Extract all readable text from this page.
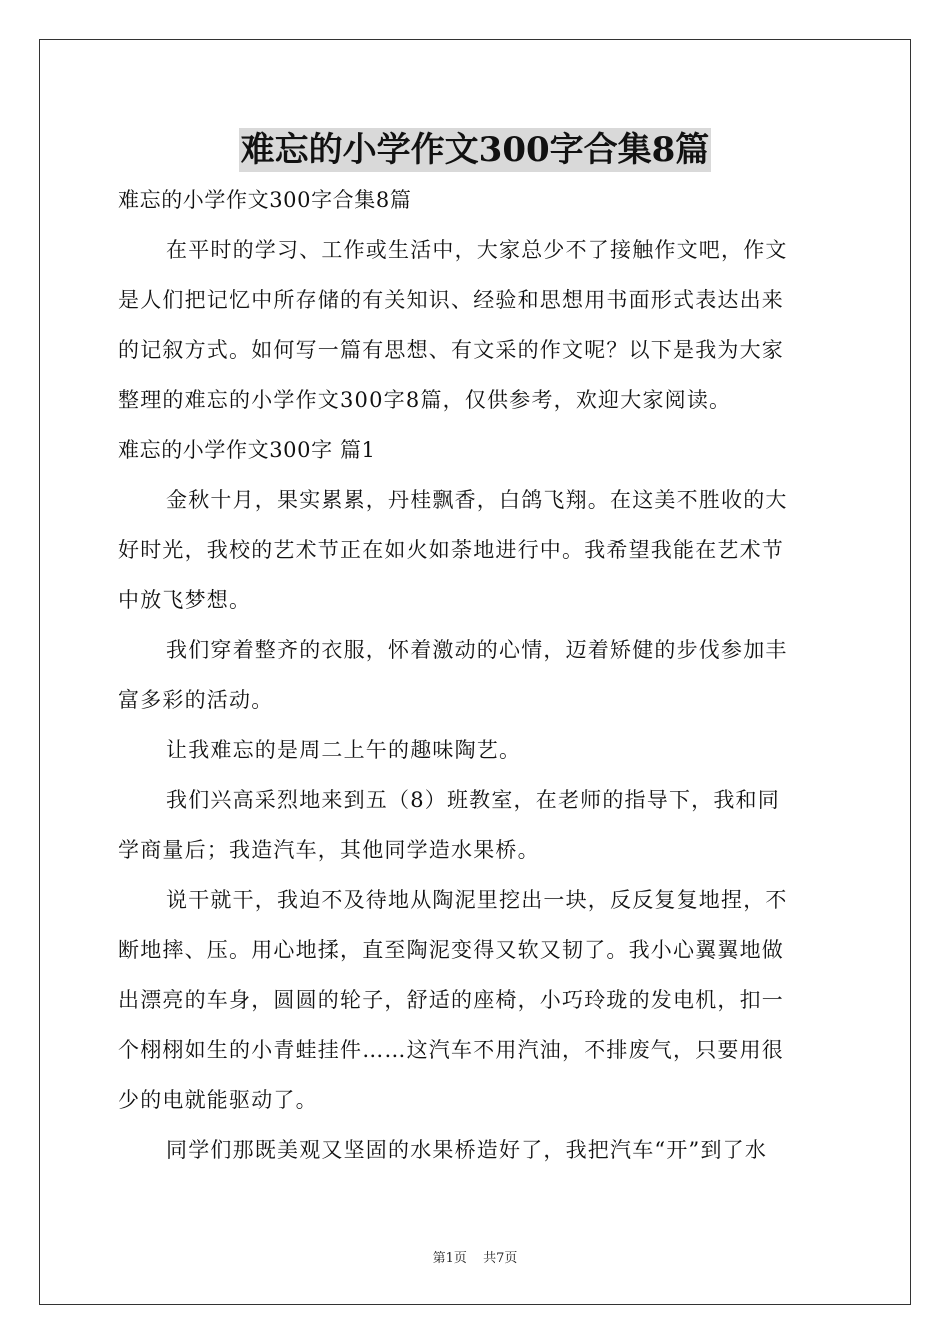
难忘的小学作文300字合集8篇
难忘的小学作文300字合集8篇
在平时的学习、工作或生活中，大家总少不了接触作文吧，作文
是人们把记忆中所存储的有关知识、经验和思想用书面形式表达出来
的记叙方式。如何写一篇有思想、有文采的作文呢？以下是我为大家
整理的难忘的小学作文300字8篇，仅供参考，欢迎大家阅读。
难忘的小学作文300字 篇1
金秋十月，果实累累，丹桂飘香，白鸽飞翔。在这美不胜收的大
好时光，我校的艺术节正在如火如荼地进行中。我希望我能在艺术节
中放飞梦想。
我们穿着整齐的衣服，怀着激动的心情，迈着矫健的步伐参加丰
富多彩的活动。
让我难忘的是周二上午的趣味陶艺。
我们兴高采烈地来到五（8）班教室，在老师的指导下，我和同
学商量后；我造汽车，其他同学造水果桥。
说干就干，我迫不及待地从陶泥里挖出一块，反反复复地捏，不
断地摔、压。用心地揉，直至陶泥变得又软又韧了。我小心翼翼地做
出漂亮的车身，圆圆的轮子，舒适的座椅，小巧玲珑的发电机，扣一
个栩栩如生的小青蛙挂件……这汽车不用汽油，不排废气，只要用很
少的电就能驱动了。
同学们那既美观又坚固的水果桥造好了，我把汽车“开”到了水
第1页 共7页
